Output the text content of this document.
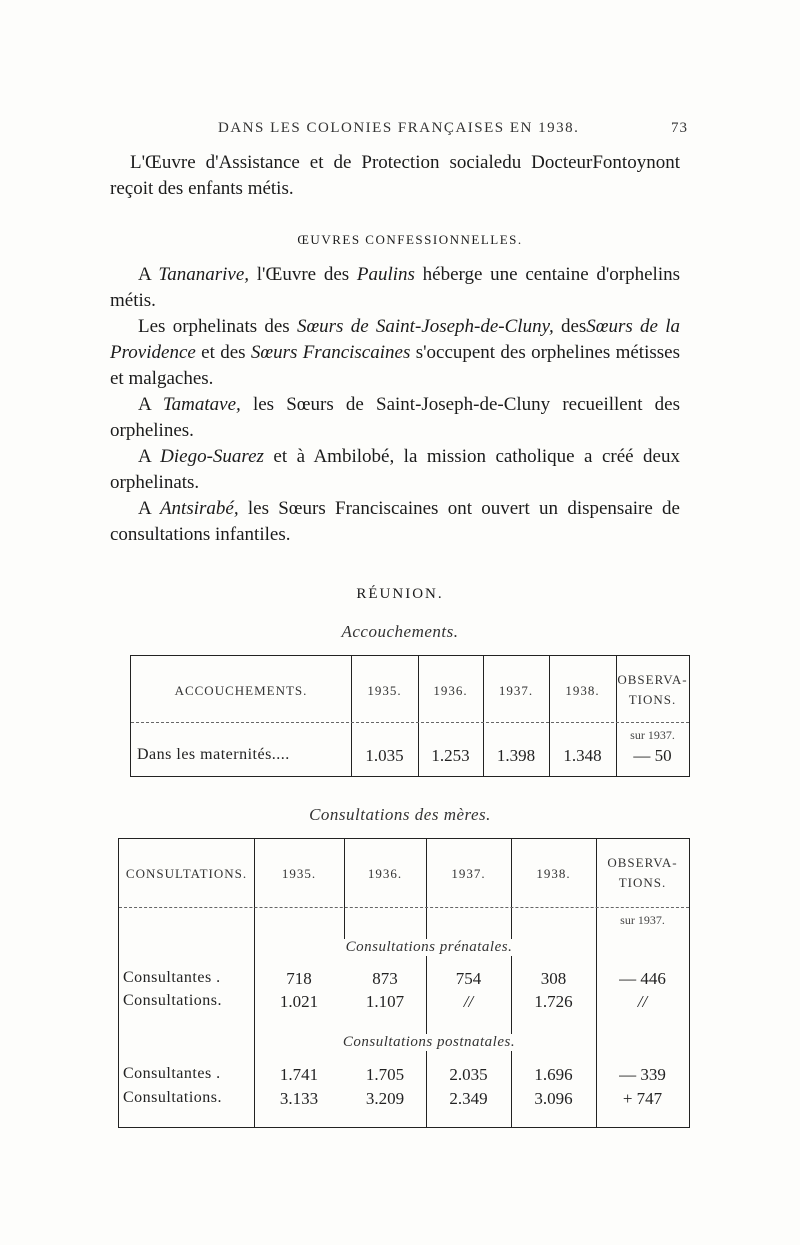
DANS LES COLONIES FRANÇAISES EN 1938.	73

L'Œuvre d'Assistance et de Protection socialedu DocteurFontoynont reçoit des enfants métis.

ŒUVRES CONFESSIONNELLES.

A Tananarive, l'Œuvre des Paulins héberge une centaine d'orphelins métis.

Les orphelinats des Sœurs de Saint-Joseph-de-Cluny, desSœurs de la Providence et des Sœurs Franciscaines s'occupent des orphelines métisses et malgaches.

A Tamatave, les Sœurs de Saint-Joseph-de-Cluny recueillent des orphelines.

A Diego-Suarez et à Ambilobé, la mission catholique a créé deux orphelinats.

A Antsirabé, les Sœurs Franciscaines ont ouvert un dispensaire de consultations infantiles.

RÉUNION.
Accouchements.
ACCOUCHEMENTS.	1935.	1936.	1937.	1938.
OBSERVA-
TIONS.
sur 1937.
Dans les maternités....	1.035	1.253	1.398	1.348	— 50
Consultations des mères.
CONSULTATIONS.	1935.	1936.	1937.	1938.
OBSERVA-
TIONS.
sur 1937.
Consultations prénatales.
Consultantes .	718	873	754	308	— 446
Consultations.	1.021	1.107	//	1.726	//
Consultations postnatales.
Consultantes .	1.741	1.705	2.035	1.696	— 339
Consultations.	3.133	3.209	2.349	3.096	+ 747
